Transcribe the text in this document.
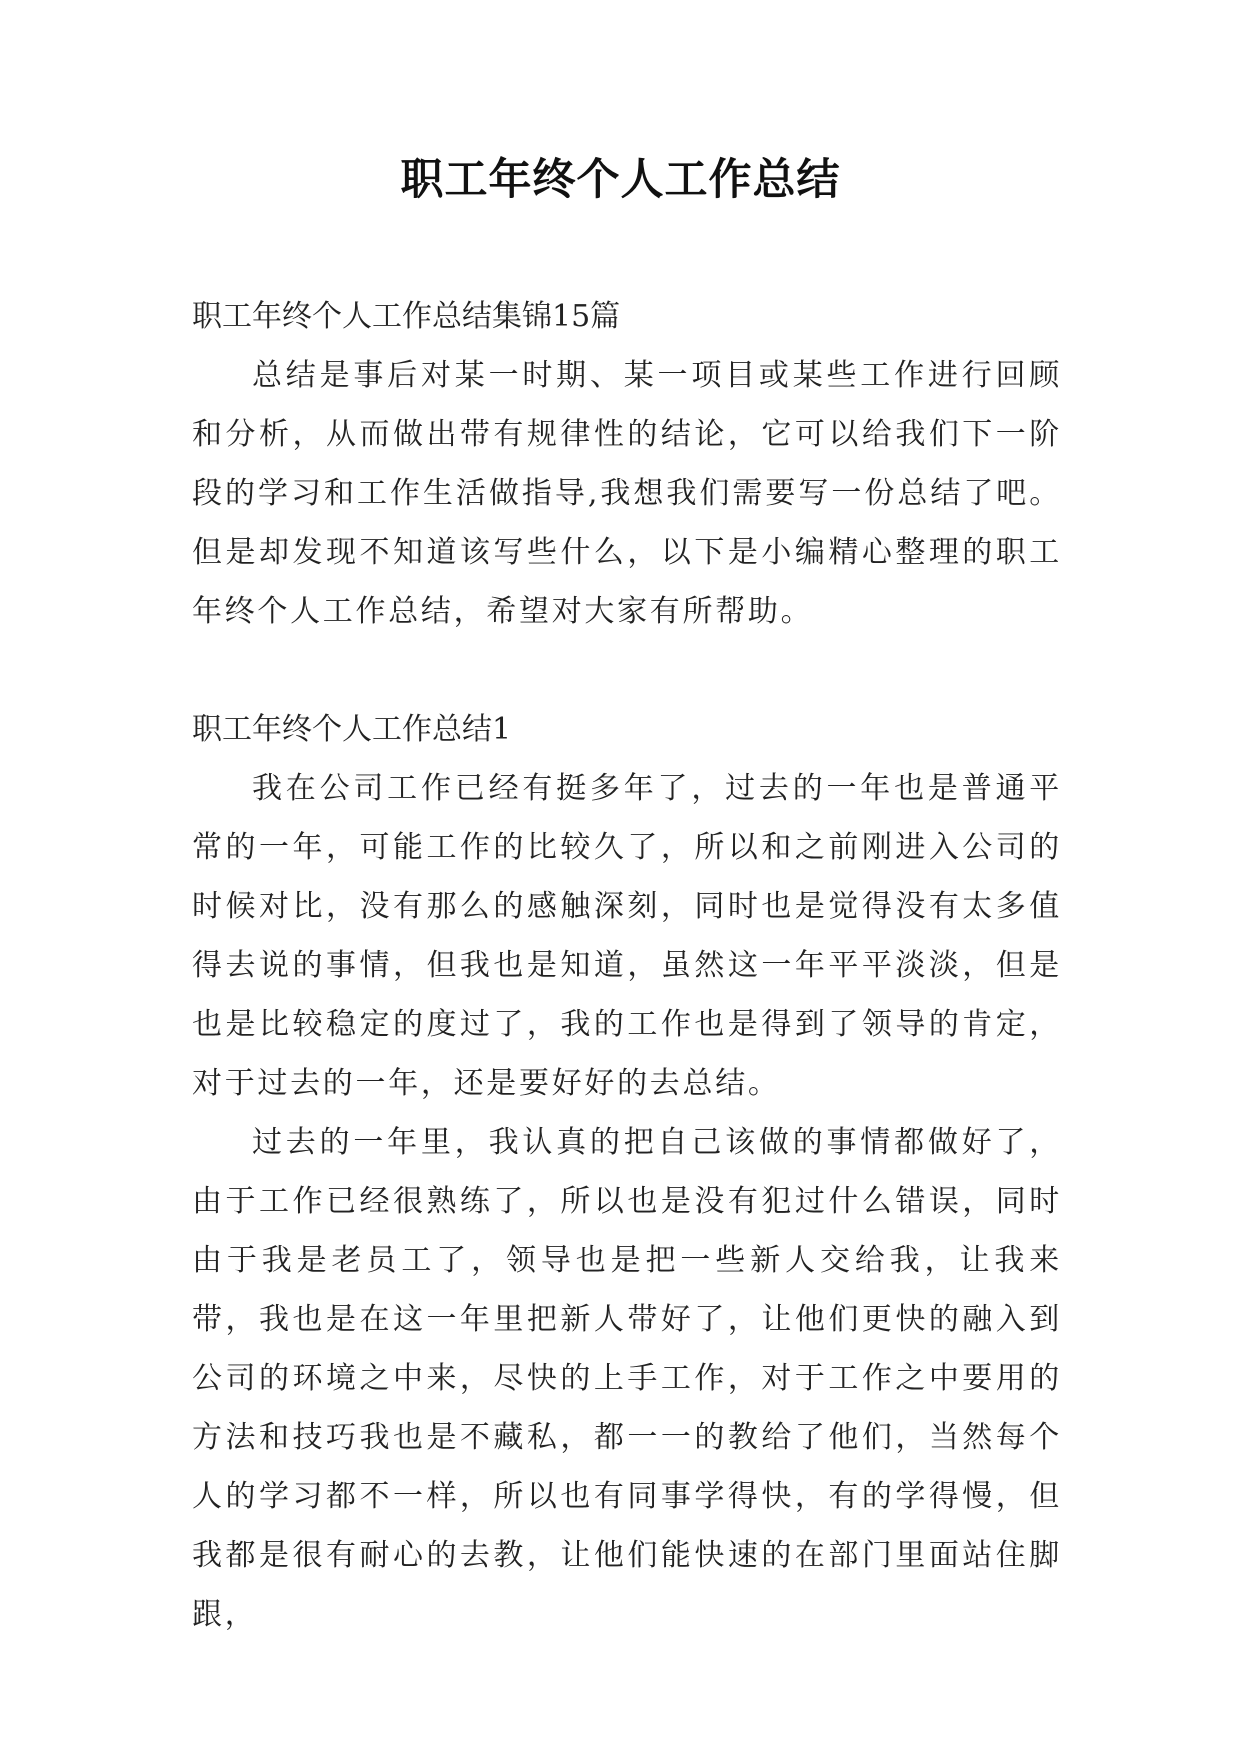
职工年终个人工作总结

职工年终个人工作总结集锦15篇

总结是事后对某一时期、某一项目或某些工作进行回顾和分析，从而做出带有规律性的结论，它可以给我们下一阶段的学习和工作生活做指导,我想我们需要写一份总结了吧。但是却发现不知道该写些什么，以下是小编精心整理的职工年终个人工作总结，希望对大家有所帮助。

职工年终个人工作总结1

我在公司工作已经有挺多年了，过去的一年也是普通平常的一年，可能工作的比较久了，所以和之前刚进入公司的时候对比，没有那么的感触深刻，同时也是觉得没有太多值得去说的事情，但我也是知道，虽然这一年平平淡淡，但是也是比较稳定的度过了，我的工作也是得到了领导的肯定，对于过去的一年，还是要好好的去总结。

过去的一年里，我认真的把自己该做的事情都做好了，由于工作已经很熟练了，所以也是没有犯过什么错误，同时由于我是老员工了，领导也是把一些新人交给我，让我来带，我也是在这一年里把新人带好了，让他们更快的融入到公司的环境之中来，尽快的上手工作，对于工作之中要用的方法和技巧我也是不藏私，都一一的教给了他们，当然每个人的学习都不一样，所以也有同事学得快，有的学得慢，但我都是很有耐心的去教，让他们能快速的在部门里面站住脚跟，
